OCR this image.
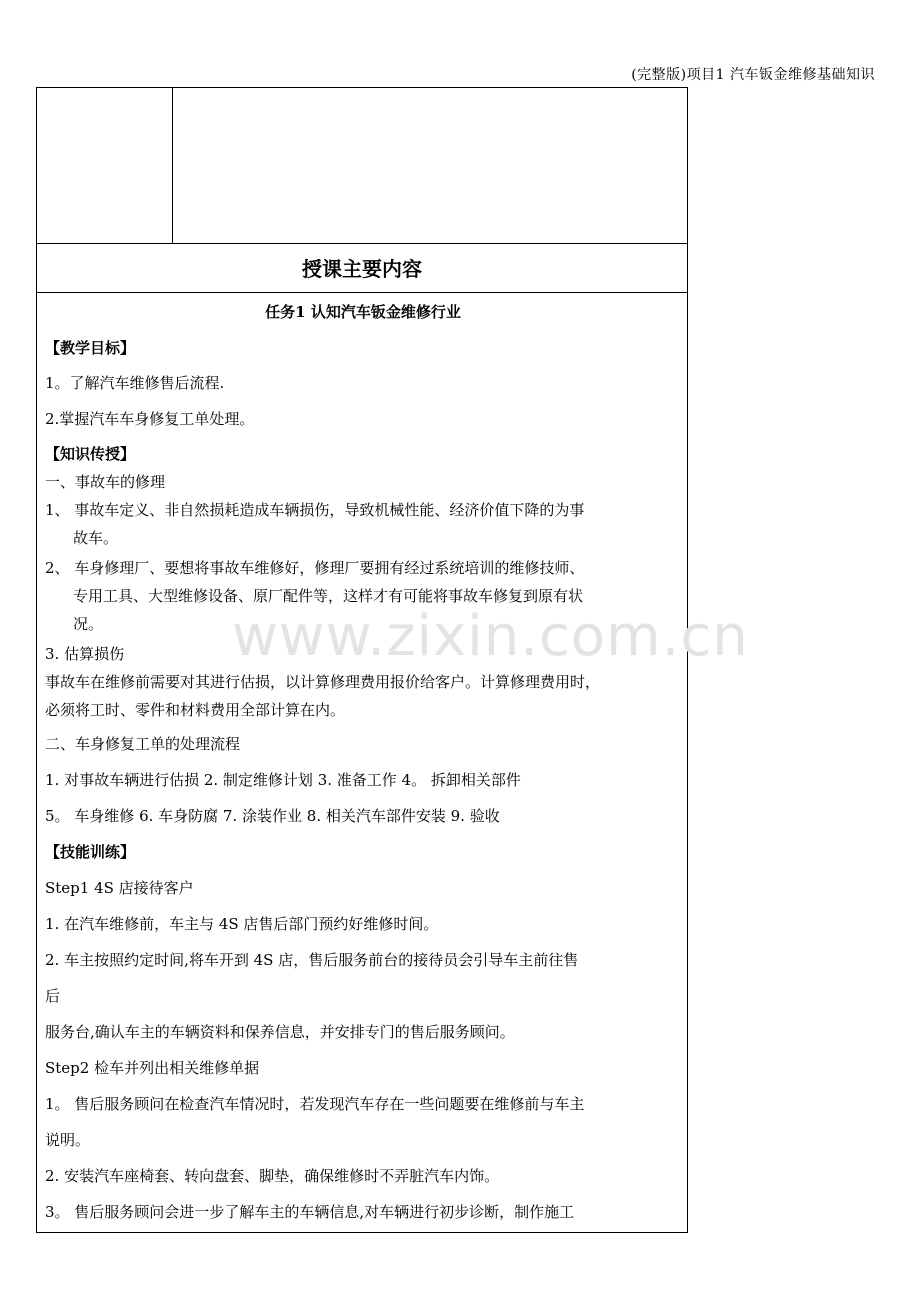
(完整版)项目1 汽车钣金维修基础知识
授课主要内容
任务1 认知汽车钣金维修行业
【教学目标】
1。了解汽车维修售后流程.
2.掌握汽车车身修复工单处理。
【知识传授】
一、事故车的修理
1、 事故车定义、非自然损耗造成车辆损伤，导致机械性能、经济价值下降的为事
故车。
2、 车身修理厂、要想将事故车维修好，修理厂要拥有经过系统培训的维修技师、
专用工具、大型维修设备、原厂配件等，这样才有可能将事故车修复到原有状
况。
3. 估算损伤
事故车在维修前需要对其进行估损，以计算修理费用报价给客户。计算修理费用时，
必须将工时、零件和材料费用全部计算在内。
二、车身修复工单的处理流程
1. 对事故车辆进行估损 2. 制定维修计划 3. 准备工作 4。 拆卸相关部件
5。 车身维修 6. 车身防腐 7. 涂装作业 8. 相关汽车部件安装 9. 验收
【技能训练】
Step1 4S 店接待客户
1. 在汽车维修前，车主与 4S 店售后部门预约好维修时间。
2. 车主按照约定时间,将车开到 4S 店，售后服务前台的接待员会引导车主前往售
后
服务台,确认车主的车辆资料和保养信息，并安排专门的售后服务顾问。
Step2 检车并列出相关维修单据
1。 售后服务顾问在检查汽车情况时，若发现汽车存在一些问题要在维修前与车主
说明。
2. 安装汽车座椅套、转向盘套、脚垫，确保维修时不弄脏汽车内饰。
3。 售后服务顾问会进一步了解车主的车辆信息,对车辆进行初步诊断，制作施工
www.zixin.com.cn
